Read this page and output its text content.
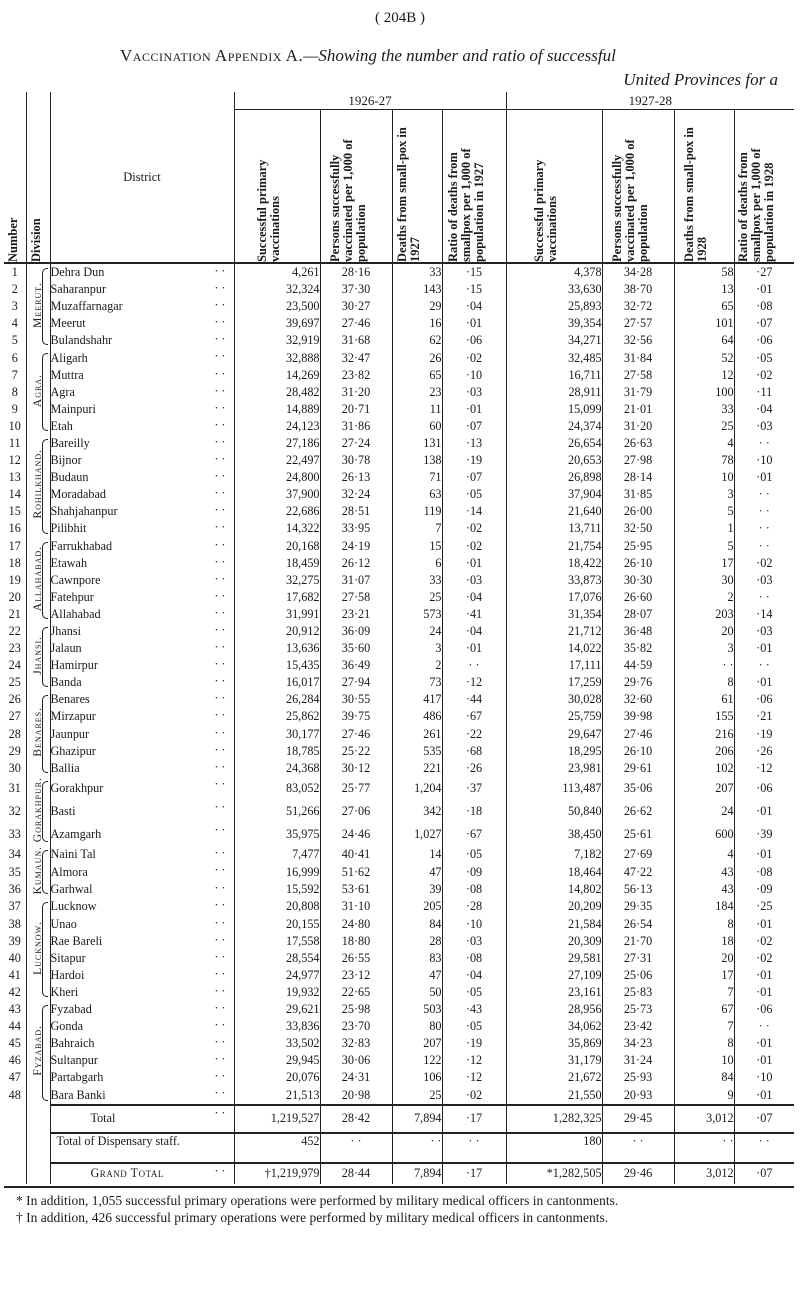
( 204B )
Vaccination Appendix A.—Showing the number and ratio of successful
United Provinces for a
Number	Division	District	1926-27				1927-28			

			Successful primary vaccinations	Persons successfully vaccinated per 1,000 of population	Deaths from small-pox in 1927	Ratio of deaths from smallpox per 1,000 of population in 1927	Successful primary vaccinations	Persons successfully vaccinated per 1,000 of population	Deaths from small-pox in 1928	Ratio of deaths from smallpox per 1,000 of population in 1928

1	Meerut.	Dehra Dun · ·	4,261	28·16	33	·15	4,378	34·28	58	·27
2		Saharanpur · ·	32,324	37·30	143	·15	33,630	38·70	13	·01
3		Muzaffarnagar · ·	23,500	30·27	29	·04	25,893	32·72	65	·08
4		Meerut · ·	39,697	27·46	16	·01	39,354	27·57	101	·07
5		Bulandshahr · ·	32,919	31·68	62	·06	34,271	32·56	64	·06
6	Agra.	Aligarh · ·	32,888	32·47	26	·02	32,485	31·84	52	·05
7		Muttra · ·	14,269	23·82	65	·10	16,711	27·58	12	·02
8		Agra · ·	28,482	31·20	23	·03	28,911	31·79	100	·11
9		Mainpuri · ·	14,889	20·71	11	·01	15,099	21·01	33	·04
10		Etah · ·	24,123	31·86	60	·07	24,374	31·20	25	·03
11	Rohilkhand.	Bareilly · ·	27,186	27·24	131	·13	26,654	26·63	4	· ·
12		Bijnor · ·	22,497	30·78	138	·19	20,653	27·98	78	·10
13		Budaun · ·	24,800	26·13	71	·07	26,898	28·14	10	·01
14		Moradabad · ·	37,900	32·24	63	·05	37,904	31·85	3	· ·
15		Shahjahanpur · ·	22,686	28·51	119	·14	21,640	26·00	5	· ·
16		Pilibhit · ·	14,322	33·95	7	·02	13,711	32·50	1	· ·
17	Allahabad.	Farrukhabad · ·	20,168	24·19	15	·02	21,754	25·95	5	· ·
18		Etawah · ·	18,459	26·12	6	·01	18,422	26·10	17	·02
19		Cawnpore · ·	32,275	31·07	33	·03	33,873	30·30	30	·03
20		Fatehpur · ·	17,682	27·58	25	·04	17,076	26·60	2	· ·
21		Allahabad · ·	31,991	23·21	573	·41	31,354	28·07	203	·14
22	Jhansi.	Jhansi · ·	20,912	36·09	24	·04	21,712	36·48	20	·03
23		Jalaun · ·	13,636	35·60	3	·01	14,022	35·82	3	·01
24		Hamirpur · ·	15,435	36·49	2	· ·	17,111	44·59	· ·	· ·
25		Banda · ·	16,017	27·94	73	·12	17,259	29·76	8	·01
26	Benares.	Benares · ·	26,284	30·55	417	·44	30,028	32·60	61	·06
27		Mirzapur · ·	25,862	39·75	486	·67	25,759	39·98	155	·21
28		Jaunpur · ·	30,177	27·46	261	·22	29,647	27·46	216	·19
29		Ghazipur · ·	18,785	25·22	535	·68	18,295	26·10	206	·26
30		Ballia · ·	24,368	30·12	221	·26	23,981	29·61	102	·12
31	Gorakhpur.	Gorakhpur · ·	83,052	25·77	1,204	·37	113,487	35·06	207	·06
32		Basti · ·	51,266	27·06	342	·18	50,840	26·62	24	·01
33		Azamgarh · ·	35,975	24·46	1,027	·67	38,450	25·61	600	·39
34	Kumaun.	Naini Tal · ·	7,477	40·41	14	·05	7,182	27·69	4	·01
35		Almora · ·	16,999	51·62	47	·09	18,464	47·22	43	·08
36		Garhwal · ·	15,592	53·61	39	·08	14,802	56·13	43	·09
37	Lucknow.	Lucknow · ·	20,808	31·10	205	·28	20,209	29·35	184	·25
38		Unao · ·	20,155	24·80	84	·10	21,584	26·54	8	·01
39		Rae Bareli · ·	17,558	18·80	28	·03	20,309	21·70	18	·02
40		Sitapur · ·	28,554	26·55	83	·08	29,581	27·31	20	·02
41		Hardoi · ·	24,977	23·12	47	·04	27,109	25·06	17	·01
42		Kheri · ·	19,932	22·65	50	·05	23,161	25·83	7	·01
43	Fyzabad.	Fyzabad · ·	29,621	25·98	503	·43	28,956	25·73	67	·06
44		Gonda · ·	33,836	23·70	80	·05	34,062	23·42	7	· ·
45		Bahraich · ·	33,502	32·83	207	·19	35,869	34·23	8	·01
46		Sultanpur · ·	29,945	30·06	122	·12	31,179	31·24	10	·01
47		Partabgarh · ·	20,076	24·31	106	·12	21,672	25·93	84	·10
48		Bara Banki · ·	21,513	20·98	25	·02	21,550	20·93	9	·01
		Total · ·	1,219,527	28·42	7,894	·17	1,282,325	29·45	3,012	·07
		Total of Dispensary staff.	452	· ·	· ·	· ·	180	· ·	· ·	· ·
		Grand Total · ·	†1,219,979	28·44	7,894	·17	*1,282,505	29·46	3,012	·07
* In addition, 1,055 successful primary operations were performed by military medical officers in cantonments.
† In addition, 426 successful primary operations were performed by military medical officers in cantonments.
